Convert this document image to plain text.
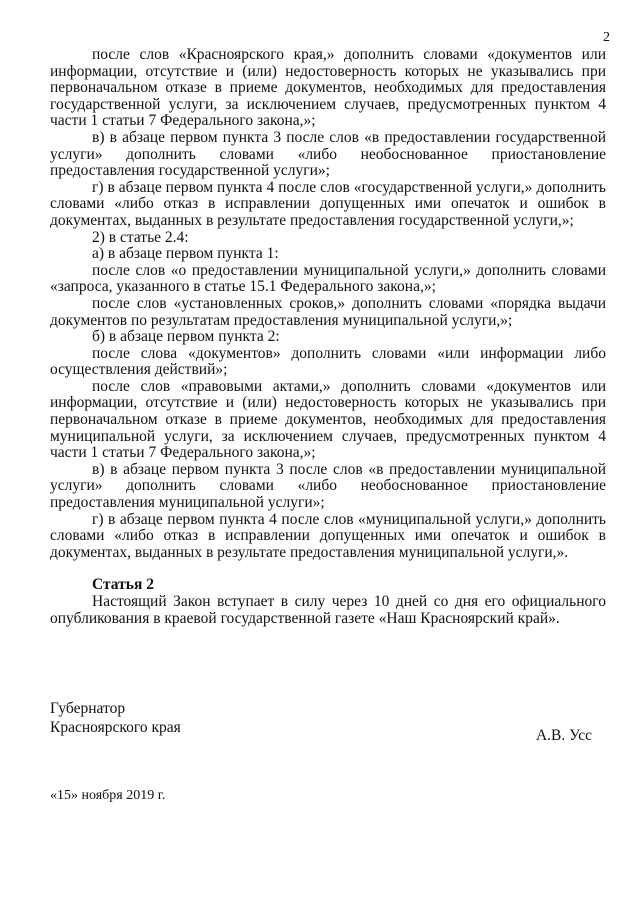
2

после слов «Красноярского края,» дополнить словами «документов или информации, отсутствие и (или) недостоверность которых не указывались при первоначальном отказе в приеме документов, необходимых для предоставления государственной услуги, за исключением случаев, предусмотренных пунктом 4 части 1 статьи 7 Федерального закона,»;

в) в абзаце первом пункта 3 после слов «в предоставлении государственной услуги» дополнить словами «либо необоснованное приостановление предоставления государственной услуги»;

г) в абзаце первом пункта 4 после слов «государственной услуги,» дополнить словами «либо отказ в исправлении допущенных ими опечаток и ошибок в документах, выданных в результате предоставления государственной услуги,»;

2) в статье 2.4:

а) в абзаце первом пункта 1:

после слов «о предоставлении муниципальной услуги,» дополнить словами «запроса, указанного в статье 15.1 Федерального закона,»;

после слов «установленных сроков,» дополнить словами «порядка выдачи документов по результатам предоставления муниципальной услуги,»;

б) в абзаце первом пункта 2:

после слова «документов» дополнить словами «или информации либо осуществления действий»;

после слов «правовыми актами,» дополнить словами «документов или информации, отсутствие и (или) недостоверность которых не указывались при первоначальном отказе в приеме документов, необходимых для предоставления муниципальной услуги, за исключением случаев, предусмотренных пунктом 4 части 1 статьи 7 Федерального закона,»;

в) в абзаце первом пункта 3 после слов «в предоставлении муниципальной услуги» дополнить словами «либо необоснованное приостановление предоставления муниципальной услуги»;

г) в абзаце первом пункта 4 после слов «муниципальной услуги,» дополнить словами «либо отказ в исправлении допущенных ими опечаток и ошибок в документах, выданных в результате предоставления муниципальной услуги,».

Статья 2

Настоящий Закон вступает в силу через 10 дней со дня его официального опубликования в краевой государственной газете «Наш Красноярский край».

Губернатор
Красноярского края	А.В. Усс
«15» ноября 2019 г.
